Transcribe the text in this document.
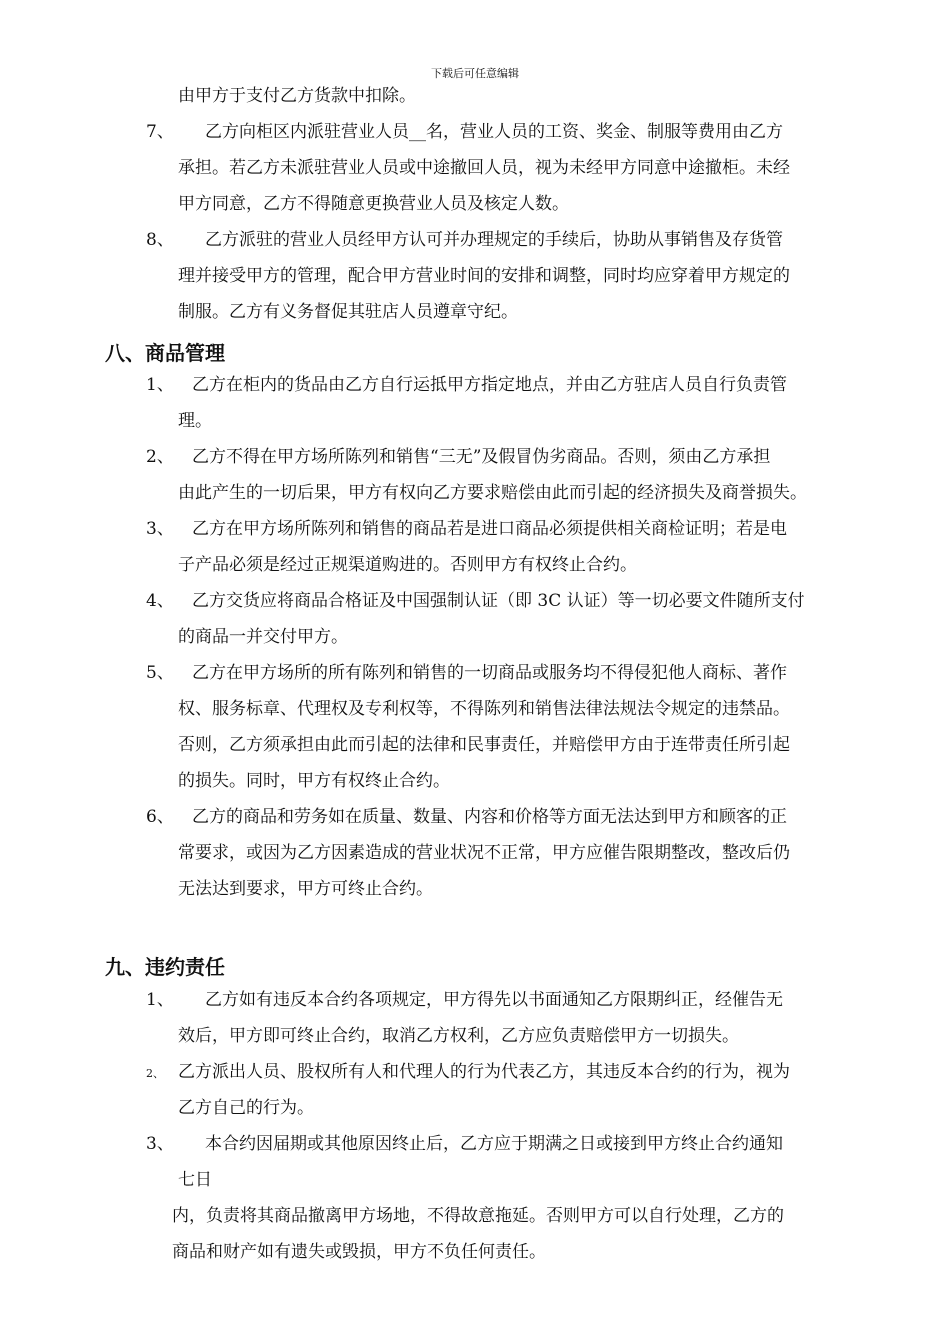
下载后可任意编辑
由甲方于支付乙方货款中扣除。
7、 乙方向柜区内派驻营业人员__名，营业人员的工资、奖金、制服等费用由乙方
承担。若乙方未派驻营业人员或中途撤回人员，视为未经甲方同意中途撤柜。未经
甲方同意，乙方不得随意更换营业人员及核定人数。
8、 乙方派驻的营业人员经甲方认可并办理规定的手续后，协助从事销售及存货管
理并接受甲方的管理，配合甲方营业时间的安排和调整，同时均应穿着甲方规定的
制服。乙方有义务督促其驻店人员遵章守纪。
八、商品管理
1、 乙方在柜内的货品由乙方自行运抵甲方指定地点，并由乙方驻店人员自行负责管
理。
2、 乙方不得在甲方场所陈列和销售“三无”及假冒伪劣商品。否则，须由乙方承担
由此产生的一切后果，甲方有权向乙方要求赔偿由此而引起的经济损失及商誉损失。
3、 乙方在甲方场所陈列和销售的商品若是进口商品必须提供相关商检证明；若是电
子产品必须是经过正规渠道购进的。否则甲方有权终止合约。
4、 乙方交货应将商品合格证及中国强制认证（即 3C 认证）等一切必要文件随所支付
的商品一并交付甲方。
5、 乙方在甲方场所的所有陈列和销售的一切商品或服务均不得侵犯他人商标、著作
权、服务标章、代理权及专利权等，不得陈列和销售法律法规法令规定的违禁品。
否则，乙方须承担由此而引起的法律和民事责任，并赔偿甲方由于连带责任所引起
的损失。同时，甲方有权终止合约。
6、 乙方的商品和劳务如在质量、数量、内容和价格等方面无法达到甲方和顾客的正
常要求，或因为乙方因素造成的营业状况不正常，甲方应催告限期整改，整改后仍
无法达到要求，甲方可终止合约。
九、违约责任
1、 乙方如有违反本合约各项规定，甲方得先以书面通知乙方限期纠正，经催告无
效后，甲方即可终止合约，取消乙方权利，乙方应负责赔偿甲方一切损失。
2、 乙方派出人员、股权所有人和代理人的行为代表乙方，其违反本合约的行为，视为
乙方自己的行为。
3、 本合约因届期或其他原因终止后，乙方应于期满之日或接到甲方终止合约通知
七日
内，负责将其商品撤离甲方场地，不得故意拖延。否则甲方可以自行处理，乙方的
商品和财产如有遗失或毁损，甲方不负任何责任。
